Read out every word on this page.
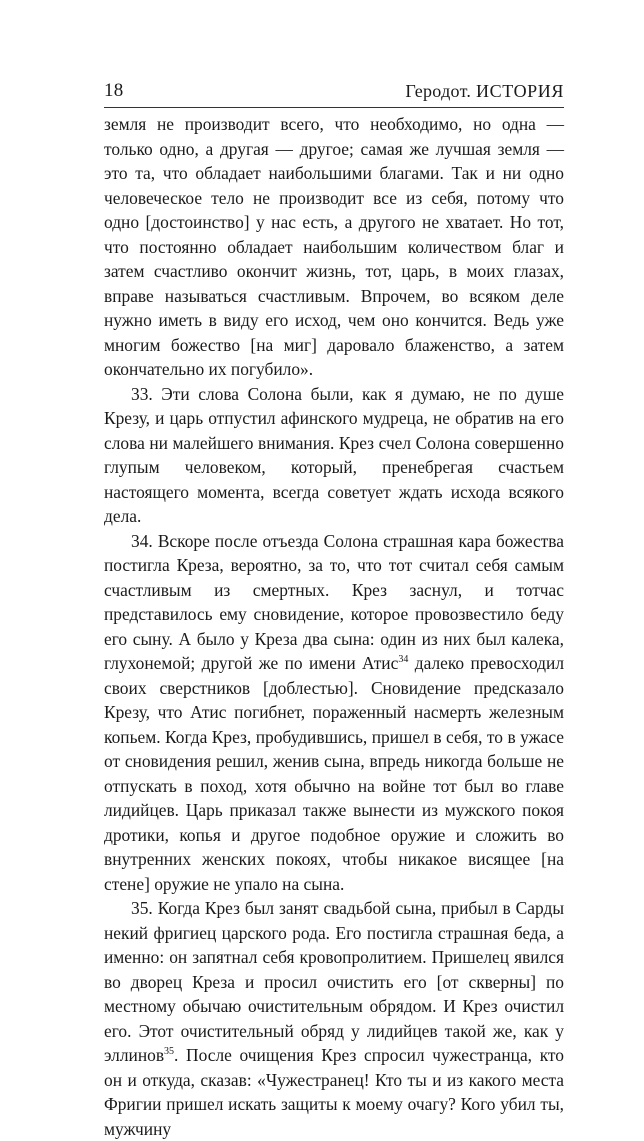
18	Геродот. ИСТОРИЯ

земля не производит всего, что необходимо, но одна — только одно, а другая — другое; самая же лучшая земля — это та, что обладает наибольшими благами. Так и ни одно человеческое тело не производит все из себя, потому что одно [достоинство] у нас есть, а другого не хватает. Но тот, что постоянно обладает наибольшим количеством благ и затем счастливо окончит жизнь, тот, царь, в моих глазах, вправе называться счастливым. Впрочем, во всяком деле нужно иметь в виду его исход, чем оно кончится. Ведь уже многим божество [на миг] даровало блаженство, а затем окончательно их погубило».

33. Эти слова Солона были, как я думаю, не по душе Крезу, и царь отпустил афинского мудреца, не обратив на его слова ни малейшего внимания. Крез счел Солона совершенно глупым человеком, который, пренебрегая счастьем настоящего момента, всегда советует ждать исхода всякого дела.

34. Вскоре после отъезда Солона страшная кара божества постигла Креза, вероятно, за то, что тот считал себя самым счастливым из смертных. Крез заснул, и тотчас представилось ему сновидение, которое провозвестило беду его сыну. А было у Креза два сына: один из них был калека, глухонемой; другой же по имени Атис$^{34}$ далеко превосходил своих сверстников [доблестью]. Сновидение предсказало Крезу, что Атис погибнет, пораженный насмерть железным копьем. Когда Крез, пробудившись, пришел в себя, то в ужасе от сновидения решил, женив сына, впредь никогда больше не отпускать в поход, хотя обычно на войне тот был во главе лидийцев. Царь приказал также вынести из мужского покоя дротики, копья и другое подобное оружие и сложить во внутренних женских покоях, чтобы никакое висящее [на стене] оружие не упало на сына.

35. Когда Крез был занят свадьбой сына, прибыл в Сарды некий фригиец царского рода. Его постигла страшная беда, а именно: он запятнал себя кровопролитием. Пришелец явился во дворец Креза и просил очистить его [от скверны] по местному обычаю очистительным обрядом. И Крез очистил его. Этот очистительный обряд у лидийцев такой же, как у эллинов$^{35}$. После очищения Крез спросил чужестранца, кто он и откуда, сказав: «Чужестранец! Кто ты и из какого места Фригии пришел искать защиты к моему очагу? Кого убил ты, мужчину
